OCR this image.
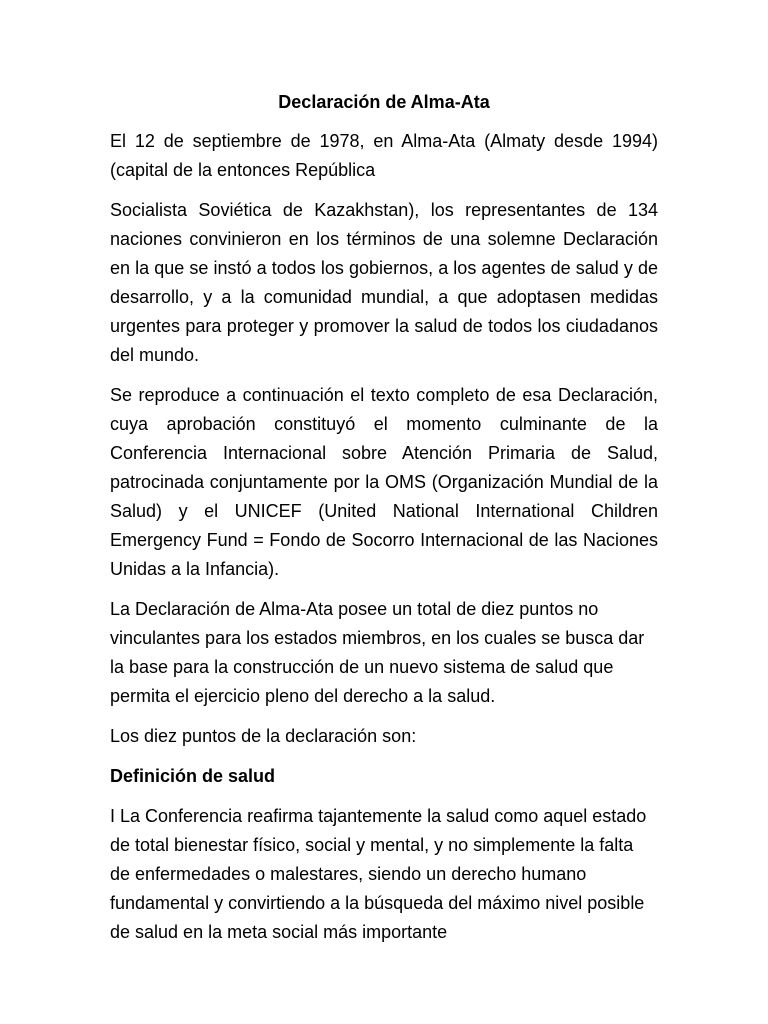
Declaración de Alma-Ata

El 12 de septiembre de 1978, en Alma-Ata (Almaty desde 1994) (capital de la entonces República

Socialista Soviética de Kazakhstan), los representantes de 134 naciones convinieron en los términos de una solemne Declaración en la que se instó a todos los gobiernos, a los agentes de salud y de desarrollo, y a la comunidad mundial, a que adoptasen medidas urgentes para proteger y promover la salud de todos los ciudadanos del mundo.

Se reproduce a continuación el texto completo de esa Declaración, cuya aprobación constituyó el momento culminante de la Conferencia Internacional sobre Atención Primaria de Salud, patrocinada conjuntamente por la OMS (Organización Mundial de la Salud) y el UNICEF (United National International Children Emergency Fund = Fondo de Socorro Internacional de las Naciones Unidas a la Infancia).

La Declaración de Alma-Ata posee un total de diez puntos no vinculantes para los estados miembros, en los cuales se busca dar la base para la construcción de un nuevo sistema de salud que permita el ejercicio pleno del derecho a la salud.

Los diez puntos de la declaración son:

Definición de salud

I La Conferencia reafirma tajantemente la salud como aquel estado de total bienestar físico, social y mental, y no simplemente la falta de enfermedades o malestares, siendo un derecho humano fundamental y convirtiendo a la búsqueda del máximo nivel posible de salud en la meta social más importante
